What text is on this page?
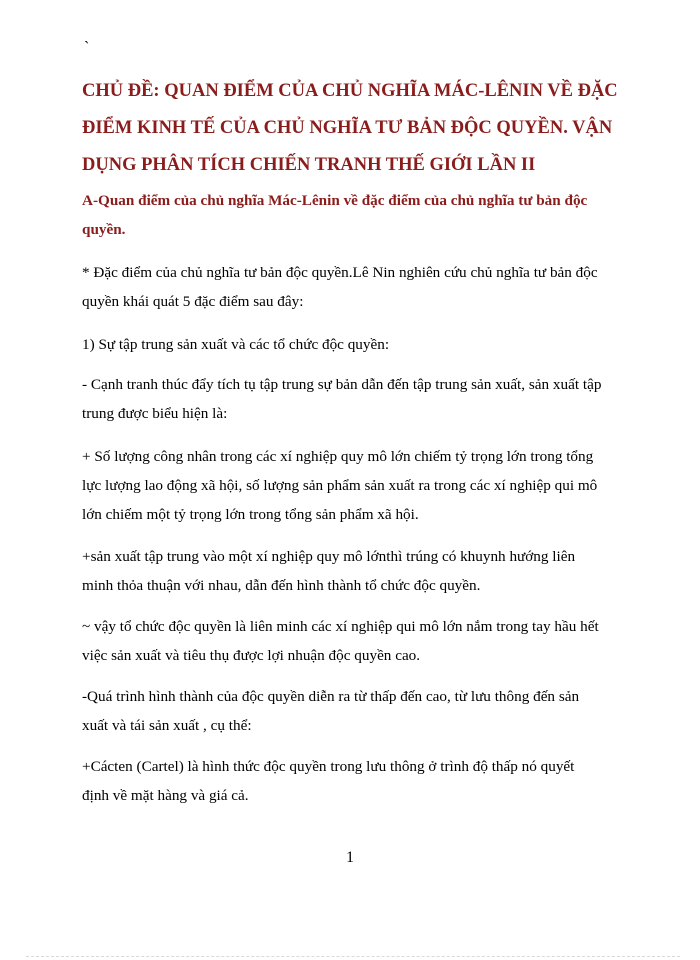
`
CHỦ ĐỀ: QUAN ĐIỂM CỦA CHỦ NGHĨA MÁC-LÊNIN VỀ ĐẶC
ĐIỂM KINH TẾ CỦA CHỦ NGHĨA TƯ BẢN ĐỘC QUYỀN. VẬN
DỤNG PHÂN TÍCH CHIẾN TRANH THẾ GIỚI LẦN II

A-Quan điểm của chủ nghĩa Mác-Lênin về đặc điểm của chủ nghĩa tư bản độc
quyền.

* Đặc điểm của chủ nghĩa tư bản độc quyền.Lê Nin nghiên cứu chủ nghĩa tư bản độc
quyền khái quát 5 đặc điểm sau đây:

1) Sự tập trung sản xuất và các tổ chức độc quyền:

- Cạnh tranh thúc đẩy tích tụ tập trung sự bản dẫn đến tập trung sản xuất, sản xuất tập
trung được biểu hiện là:

+ Số lượng công nhân trong các xí nghiệp quy mô lớn chiếm tỷ trọng lớn trong tổng
lực lượng lao động xã hội, số lượng sản phẩm sản xuất ra trong các xí nghiệp qui mô
lớn chiếm một tỷ trọng lớn trong tổng sản phẩm xã hội.

+sản xuất tập trung vào một xí nghiệp quy mô lớnthì trúng có khuynh hướng liên
minh thỏa thuận với nhau, dẫn đến hình thành tổ chức độc quyền.

~ vậy tổ chức độc quyền là liên minh các xí nghiệp qui mô lớn nắm trong tay hầu hết
việc sản xuất và tiêu thụ được lợi nhuận độc quyền cao.

-Quá trình hình thành của độc quyền diễn ra từ thấp đến cao, từ lưu thông đến sản
xuất và tái sản xuất , cụ thể:

+Cácten (Cartel) là hình thức độc quyền trong lưu thông ở trình độ thấp nó quyết
định về mặt hàng và giá cả.

1
